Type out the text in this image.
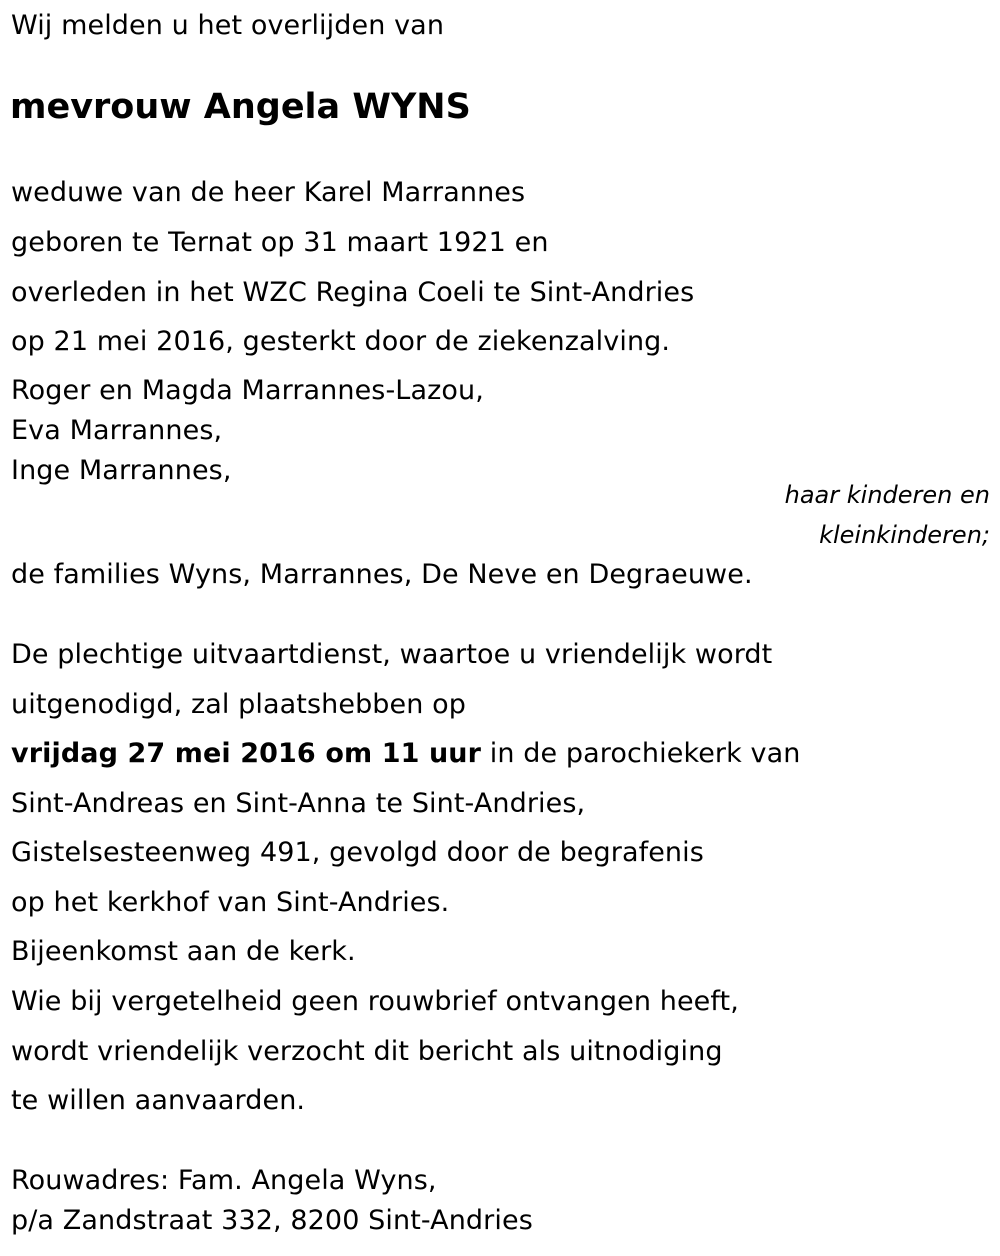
Wij melden u het overlijden van
mevrouw Angela WYNS
weduwe van de heer Karel Marrannes
geboren te Ternat op 31 maart 1921 en
overleden in het WZC Regina Coeli te Sint-Andries
op 21 mei 2016, gesterkt door de ziekenzalving.
Roger en Magda Marrannes-Lazou,
Eva Marrannes,
Inge Marrannes,
haar kinderen en
kleinkinderen;
de families Wyns, Marrannes, De Neve en Degraeuwe.
De plechtige uitvaartdienst, waartoe u vriendelijk wordt
uitgenodigd, zal plaatshebben op
vrijdag 27 mei 2016 om 11 uur in de parochiekerk van
Sint-Andreas en Sint-Anna te Sint-Andries,
Gistelsesteenweg 491, gevolgd door de begrafenis
op het kerkhof van Sint-Andries.
Bijeenkomst aan de kerk.
Wie bij vergetelheid geen rouwbrief ontvangen heeft,
wordt vriendelijk verzocht dit bericht als uitnodiging
te willen aanvaarden.
Rouwadres: Fam. Angela Wyns,
p/a Zandstraat 332, 8200 Sint-Andries
